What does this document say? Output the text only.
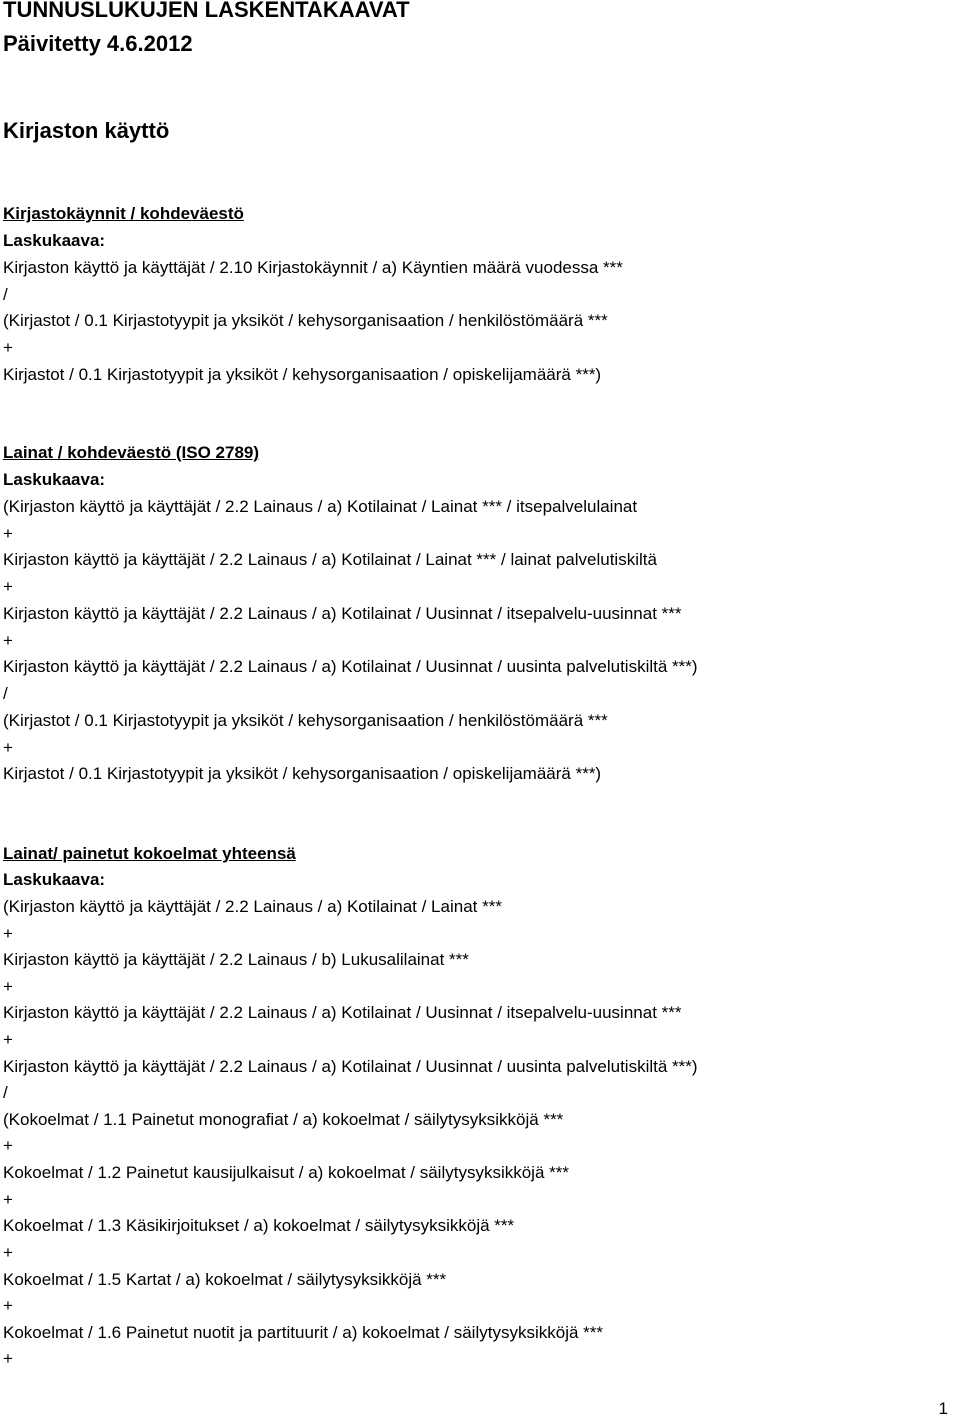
TUNNUSLUKUJEN LASKENTAKAAVAT
Päivitetty 4.6.2012
Kirjaston käyttö
Kirjastokäynnit / kohdeväestö
Laskukaava:
Kirjaston käyttö ja käyttäjät / 2.10 Kirjastokäynnit / a) Käyntien määrä vuodessa ***
/
(Kirjastot / 0.1 Kirjastotyypit ja yksiköt / kehysorganisaation / henkilöstömäärä ***
+
Kirjastot / 0.1 Kirjastotyypit ja yksiköt / kehysorganisaation / opiskelijamäärä ***)
Lainat / kohdeväestö (ISO 2789)
Laskukaava:
(Kirjaston käyttö ja käyttäjät / 2.2 Lainaus / a) Kotilainat / Lainat *** / itsepalvelulainat
+
Kirjaston käyttö ja käyttäjät / 2.2 Lainaus / a) Kotilainat / Lainat *** / lainat palvelutiskiltä
+
Kirjaston käyttö ja käyttäjät / 2.2 Lainaus / a) Kotilainat / Uusinnat / itsepalvelu-uusinnat ***
+
Kirjaston käyttö ja käyttäjät / 2.2 Lainaus / a) Kotilainat / Uusinnat / uusinta palvelutiskiltä ***)
/
(Kirjastot / 0.1 Kirjastotyypit ja yksiköt / kehysorganisaation / henkilöstömäärä ***
+
Kirjastot / 0.1 Kirjastotyypit ja yksiköt / kehysorganisaation / opiskelijamäärä ***)
Lainat/ painetut kokoelmat yhteensä
Laskukaava:
(Kirjaston käyttö ja käyttäjät / 2.2 Lainaus / a) Kotilainat / Lainat ***
+
Kirjaston käyttö ja käyttäjät / 2.2 Lainaus / b) Lukusalilainat ***
+
Kirjaston käyttö ja käyttäjät / 2.2 Lainaus / a) Kotilainat / Uusinnat / itsepalvelu-uusinnat ***
+
Kirjaston käyttö ja käyttäjät / 2.2 Lainaus / a) Kotilainat / Uusinnat / uusinta palvelutiskiltä ***)
/
(Kokoelmat / 1.1 Painetut monografiat / a) kokoelmat / säilytysyksikköjä ***
+
Kokoelmat / 1.2 Painetut kausijulkaisut / a) kokoelmat / säilytysyksikköjä ***
+
Kokoelmat / 1.3 Käsikirjoitukset / a) kokoelmat / säilytysyksikköjä ***
+
Kokoelmat / 1.5 Kartat / a) kokoelmat / säilytysyksikköjä ***
+
Kokoelmat / 1.6 Painetut nuotit ja partituurit / a) kokoelmat / säilytysyksikköjä ***
+
1
